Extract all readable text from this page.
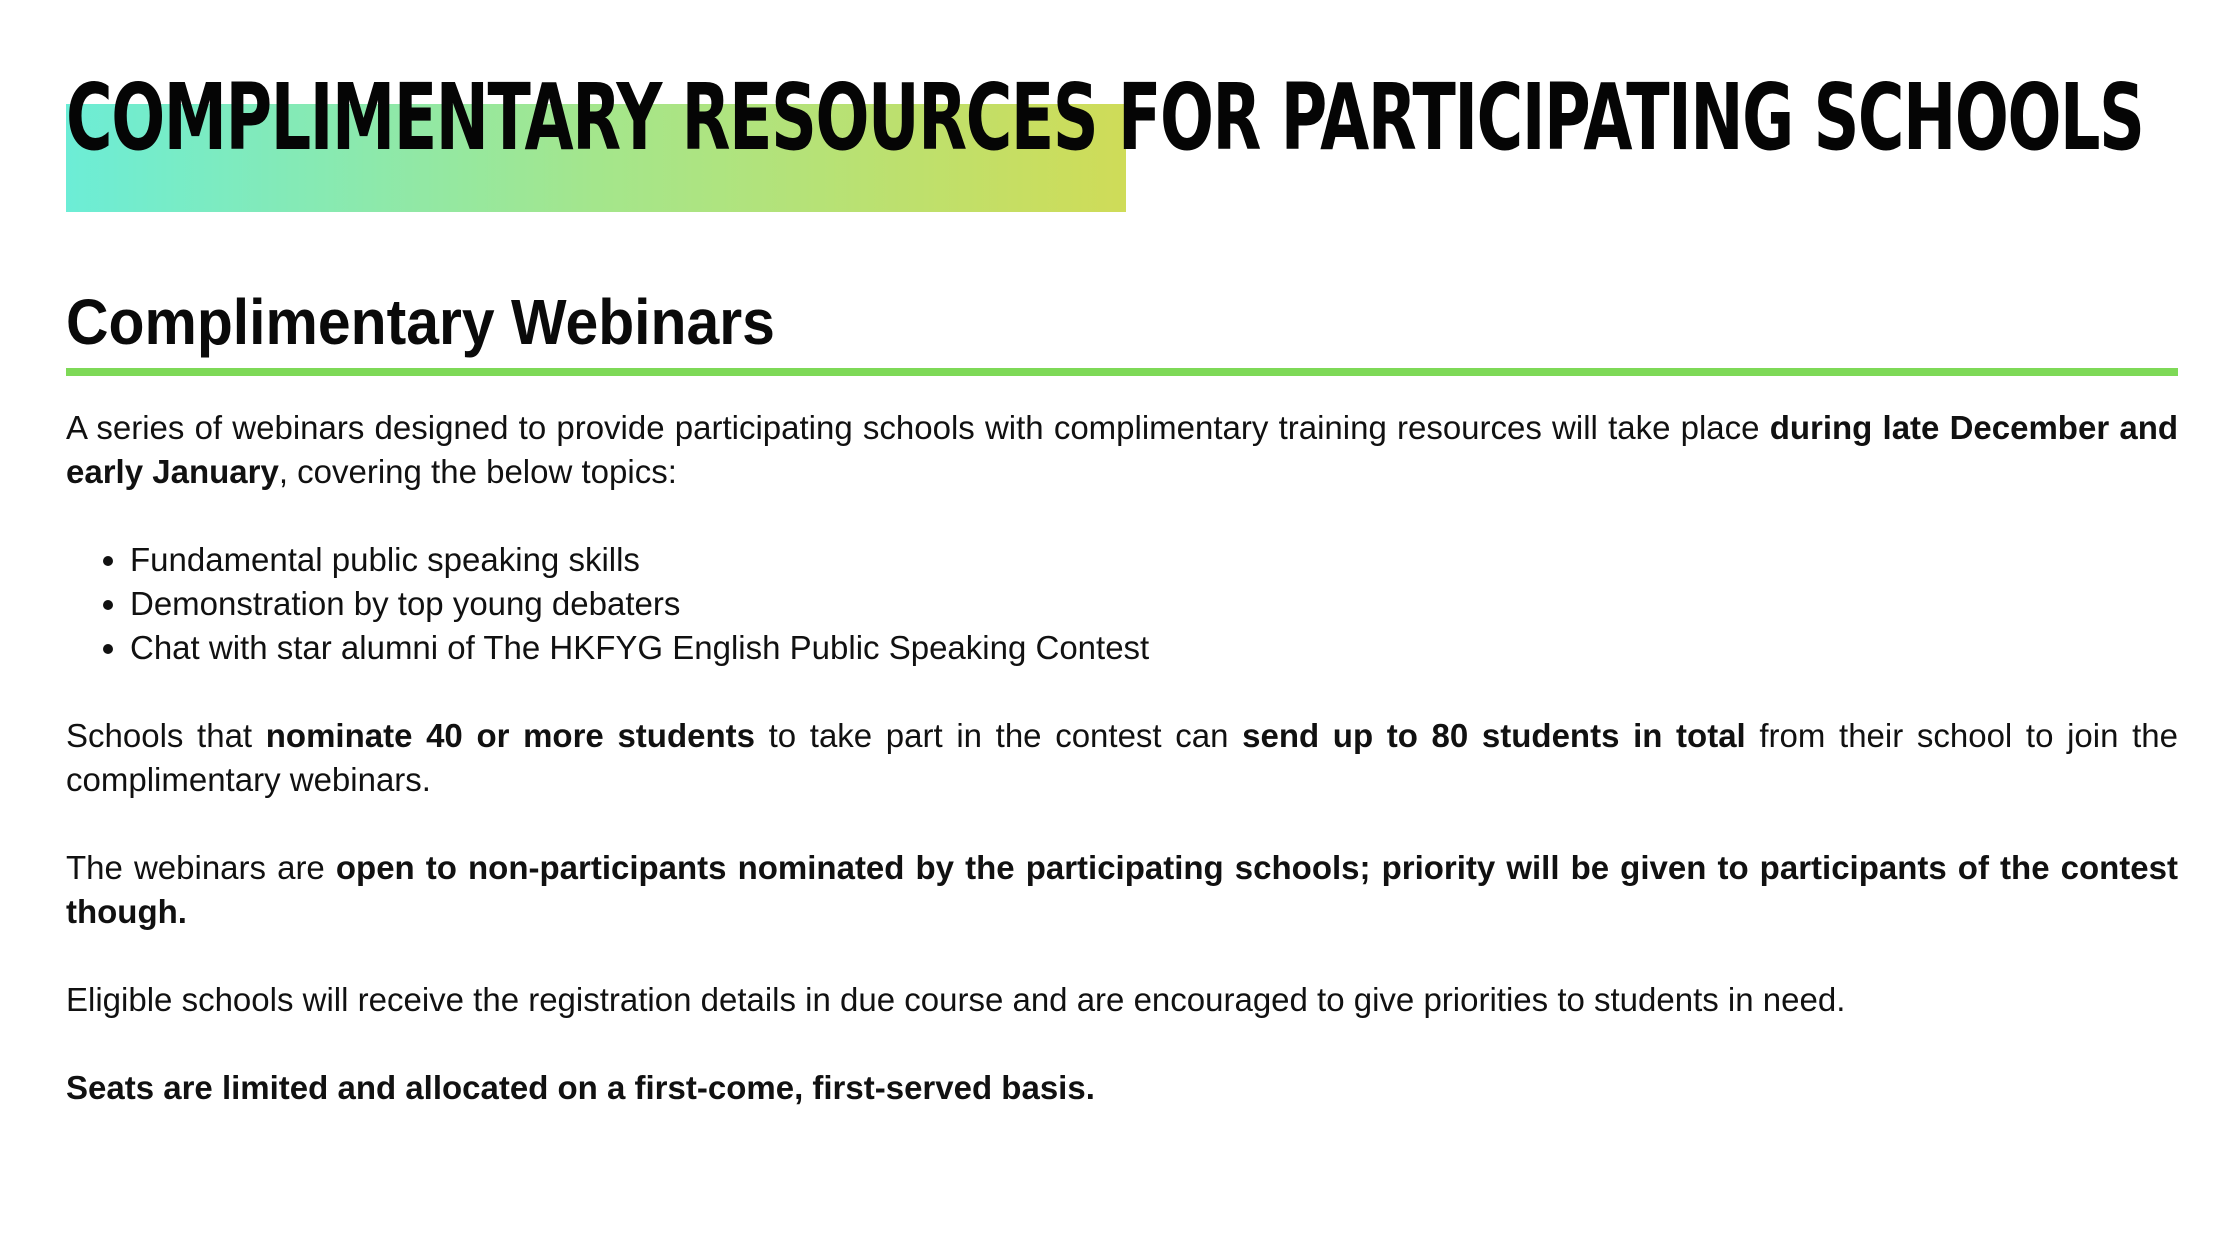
COMPLIMENTARY RESOURCES FOR PARTICIPATING SCHOOLS
Complimentary Webinars

A series of webinars designed to provide participating schools with complimentary training resources will take place during late December and early January, covering the below topics:

• Fundamental public speaking skills
• Demonstration by top young debaters
• Chat with star alumni of The HKFYG English Public Speaking Contest

Schools that nominate 40 or more students to take part in the contest can send up to 80 students in total from their school to join the complimentary webinars.

The webinars are open to non-participants nominated by the participating schools; priority will be given to participants of the contest though.

Eligible schools will receive the registration details in due course and are encouraged to give priorities to students in need.

Seats are limited and allocated on a first-come, first-served basis.
